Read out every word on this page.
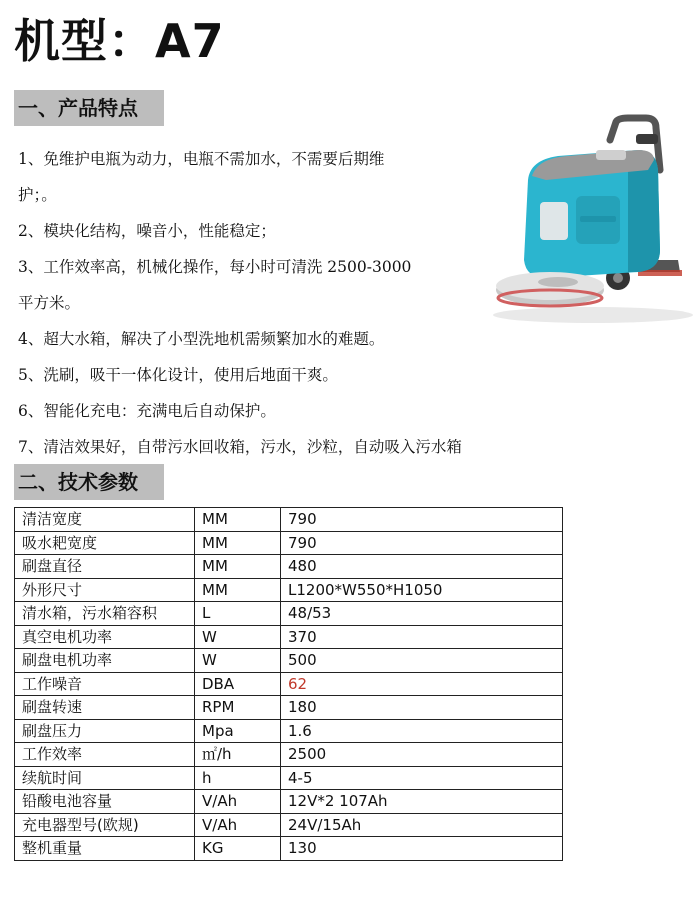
机型：A7
一、产品特点

1、免维护电瓶为动力，电瓶不需加水，不需要后期维
护；。

2、模块化结构，噪音小，性能稳定；

3、工作效率高，机械化操作，每小时可清洗 2500-3000
平方米。

4、超大水箱，解决了小型洗地机需频繁加水的难题。

5、洗刷，吸干一体化设计，使用后地面干爽。

6、智能化充电：充满电后自动保护。

7、清洁效果好，自带污水回收箱，污水，沙粒，自动吸入污水箱

二、技术参数
清洁宽度	MM	790
吸水耙宽度	MM	790
刷盘直径	MM	480
外形尺寸	MM	L1200*W550*H1050
清水箱，污水箱容积	L	48/53
真空电机功率	W	370
刷盘电机功率	W	500
工作噪音	DBA	62
刷盘转速	RPM	180
刷盘压力	Mpa	1.6
工作效率	㎡/h	2500
续航时间	h	4-5
铅酸电池容量	V/Ah	12V*2 107Ah
充电器型号(欧规)	V/Ah	24V/15Ah
整机重量	KG	130
